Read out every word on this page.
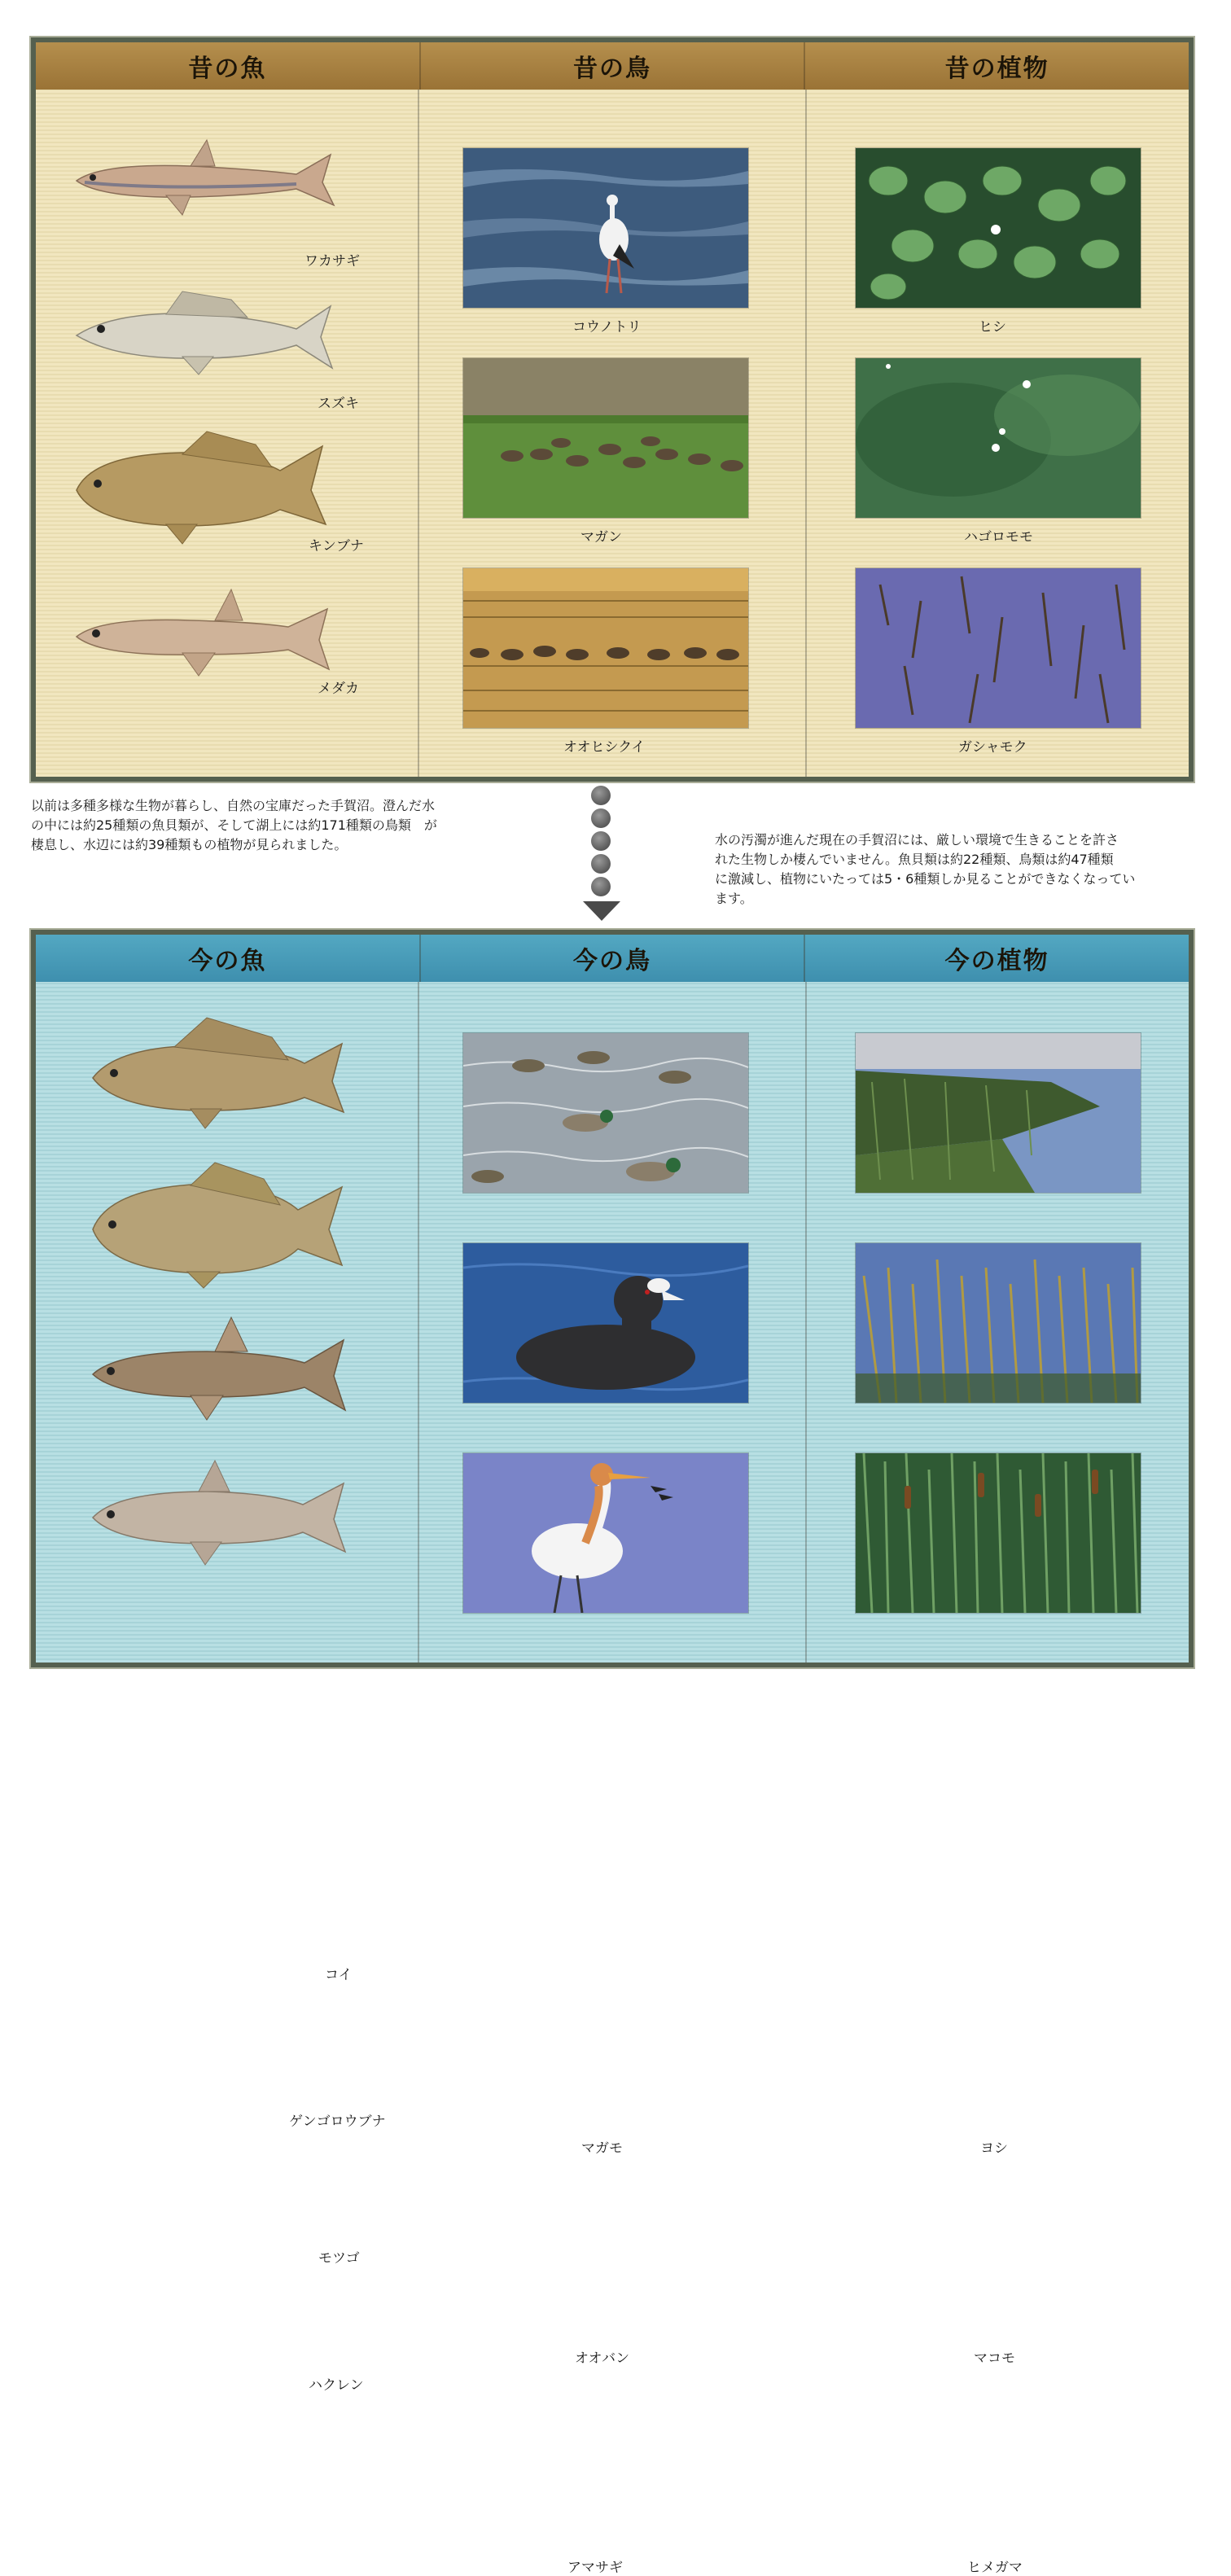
昔の魚	昔の鳥	昔の植物
ワカサギ
スズキ
キンブナ
メダカ
コウノトリ
マガン
オオヒシクイ
ヒシ
ハゴロモモ
ガシャモク
以前は多種多様な生物が暮らし、自然の宝庫だった手賀沼。澄んだ水
の中には約25種類の魚貝類が、そして湖上には約171種類の鳥類　が
棲息し、水辺には約39種類もの植物が見られました。	水の汚濁が進んだ現在の手賀沼には、厳しい環境で生きることを許さ
れた生物しか棲んでいません。魚貝類は約22種類、鳥類は約47種類
に激減し、植物にいたっては5・6種類しか見ることができなくなってい
ます。
今の魚	今の鳥	今の植物
コイ
ゲンゴロウブナ
モツゴ
ハクレン
マガモ
オオバン
アマサギ
ヨシ
マコモ
ヒメガマ
